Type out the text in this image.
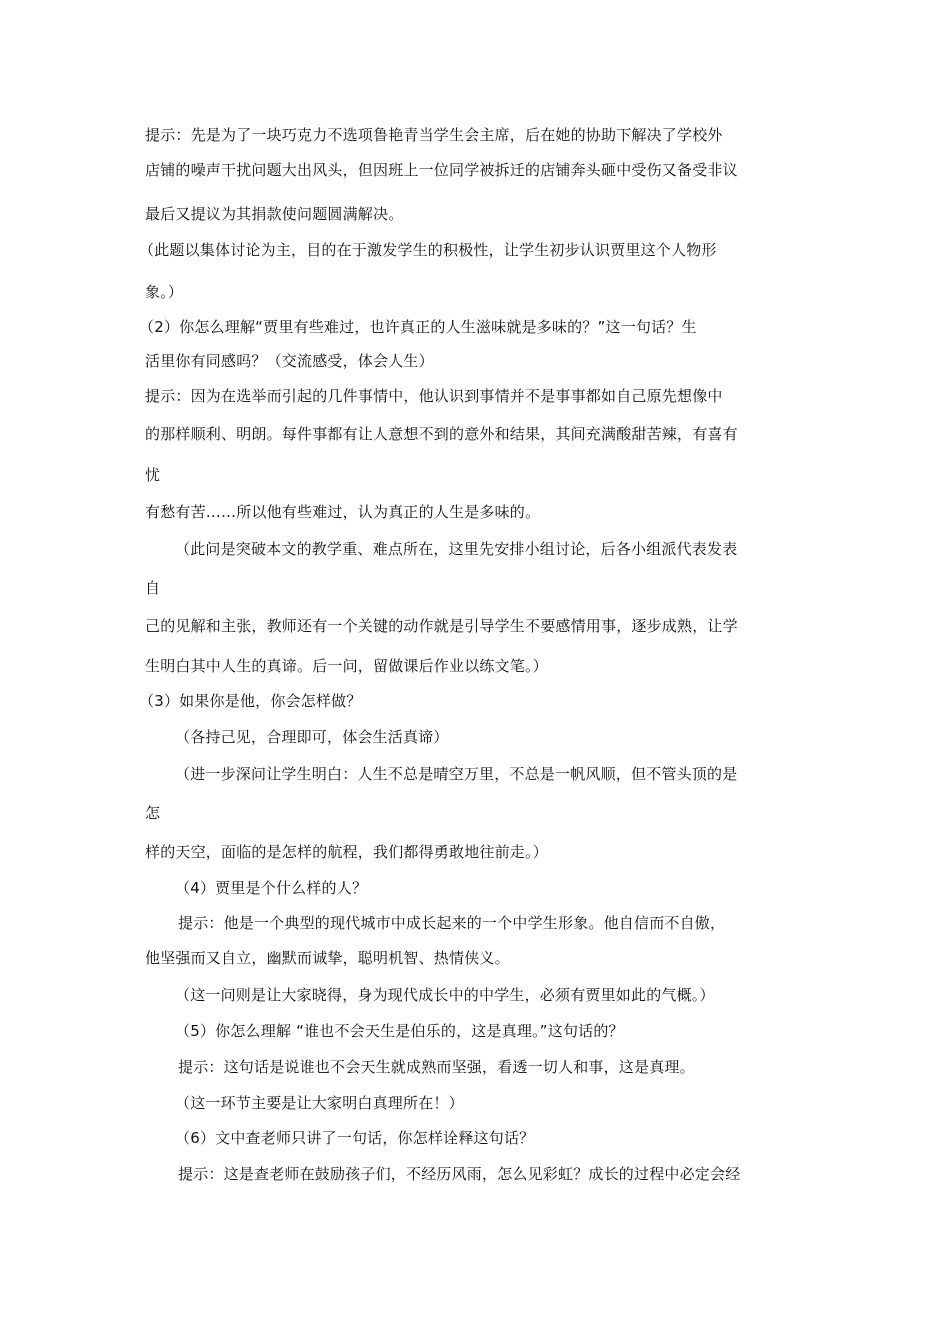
提示：先是为了一块巧克力不选项鲁艳青当学生会主席，后在她的协助下解决了学校外
店铺的噪声干扰问题大出风头，但因班上一位同学被拆迁的店铺奔头砸中受伤又备受非议
最后又提议为其捐款使问题圆满解决。
（此题以集体讨论为主，目的在于激发学生的积极性，让学生初步认识贾里这个人物形
象。）
（2）你怎么理解“贾里有些难过，也许真正的人生滋味就是多味的？”这一句话？生
活里你有同感吗？（交流感受，体会人生）
提示：因为在选举而引起的几件事情中，他认识到事情并不是事事都如自己原先想像中
的那样顺利、明朗。每件事都有让人意想不到的意外和结果，其间充满酸甜苦辣，有喜有
忧
有愁有苦……所以他有些难过，认为真正的人生是多味的。
（此问是突破本文的教学重、难点所在，这里先安排小组讨论，后各小组派代表发表
自
己的见解和主张，教师还有一个关键的动作就是引导学生不要感情用事，逐步成熟，让学
生明白其中人生的真谛。后一问，留做课后作业以练文笔。）
（3）如果你是他，你会怎样做？
（各持己见，合理即可，体会生活真谛）
（进一步深问让学生明白：人生不总是晴空万里，不总是一帆风顺，但不管头顶的是
怎
样的天空，面临的是怎样的航程，我们都得勇敢地往前走。）
（4）贾里是个什么样的人？
提示：他是一个典型的现代城市中成长起来的一个中学生形象。他自信而不自傲，
他坚强而又自立，幽默而诚挚，聪明机智、热情侠义。
（这一问则是让大家晓得，身为现代成长中的中学生，必须有贾里如此的气概。）
（5）你怎么理解 “谁也不会天生是伯乐的，这是真理。”这句话的？
提示：这句话是说谁也不会天生就成熟而坚强，看透一切人和事，这是真理。
（这一环节主要是让大家明白真理所在！）
（6）文中查老师只讲了一句话，你怎样诠释这句话？
提示：这是查老师在鼓励孩子们，不经历风雨，怎么见彩虹？成长的过程中必定会经
